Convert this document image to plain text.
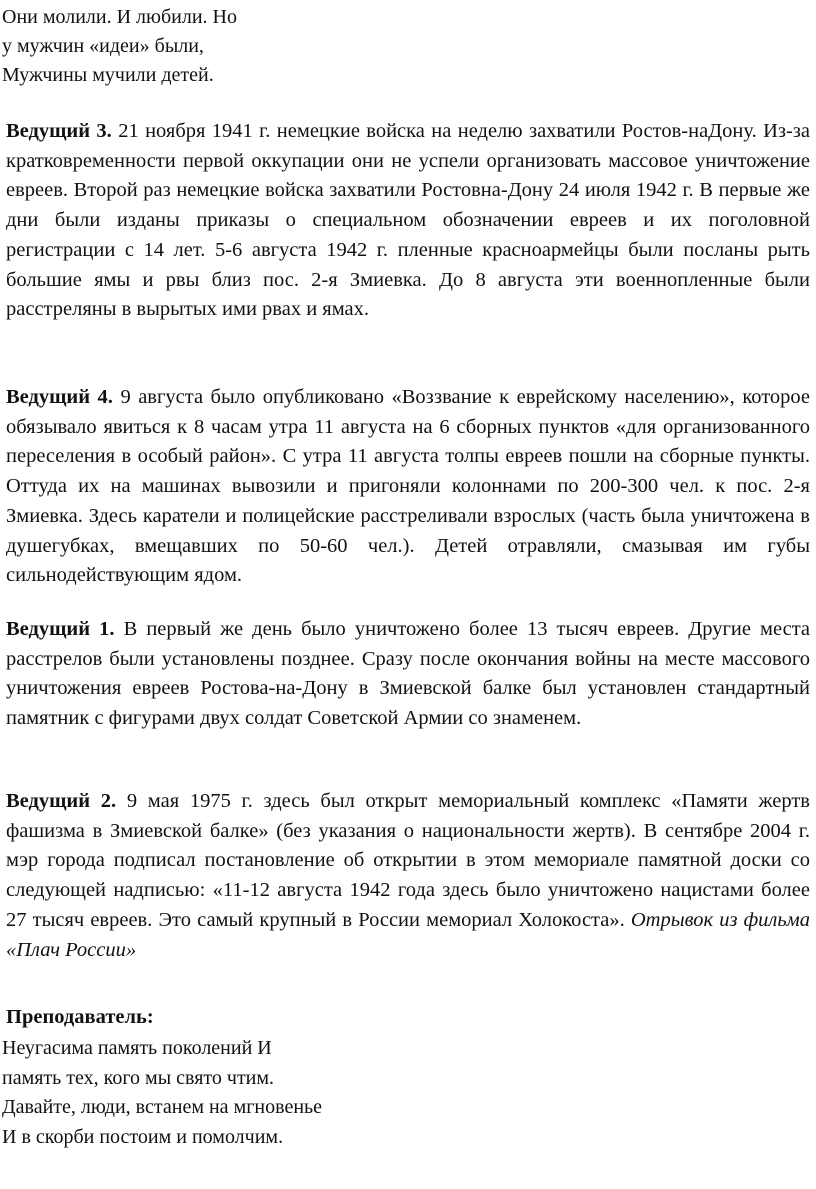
Они молили. И любили. Но
у мужчин «идеи» были,
Мужчины мучили детей.

Ведущий 3. 21 ноября 1941 г. немецкие войска на неделю захватили Ростов-наДону. Из-за кратковременности первой оккупации они не успели организовать массовое уничтожение евреев. Второй раз немецкие войска захватили Ростовна-Дону 24 июля 1942 г. В первые же дни были изданы приказы о специальном обозначении евреев и их поголовной регистрации с 14 лет. 5-6 августа 1942 г. пленные красноармейцы были посланы рыть большие ямы и рвы близ пос. 2-я Змиевка. До 8 августа эти военнопленные были расстреляны в вырытых ими рвах и ямах.

Ведущий 4. 9 августа было опубликовано «Воззвание к еврейскому населению», которое обязывало явиться к 8 часам утра 11 августа на 6 сборных пунктов «для организованного переселения в особый район». С утра 11 августа толпы евреев пошли на сборные пункты. Оттуда их на машинах вывозили и пригоняли колоннами по 200-300 чел. к пос. 2-я Змиевка. Здесь каратели и полицейские расстреливали взрослых (часть была уничтожена в душегубках, вмещавших по 50-60 чел.). Детей отравляли, смазывая им губы сильнодействующим ядом.

Ведущий 1. В первый же день было уничтожено более 13 тысяч евреев. Другие места расстрелов были установлены позднее. Сразу после окончания войны на месте массового уничтожения евреев Ростова-на-Дону в Змиевской балке был установлен стандартный памятник с фигурами двух солдат Советской Армии со знаменем.

Ведущий 2. 9 мая 1975 г. здесь был открыт мемориальный комплекс «Памяти жертв фашизма в Змиевской балке» (без указания о национальности жертв). В сентябре 2004 г. мэр города подписал постановление об открытии в этом мемориале памятной доски со следующей надписью: «11-12 августа 1942 года здесь было уничтожено нацистами более 27 тысяч евреев. Это самый крупный в России мемориал Холокоста». Отрывок из фильма «Плач России»

Преподаватель:
Неугасима память поколений И
память тех, кого мы свято чтим.
Давайте, люди, встанем на мгновенье
И в скорби постоим и помолчим.
